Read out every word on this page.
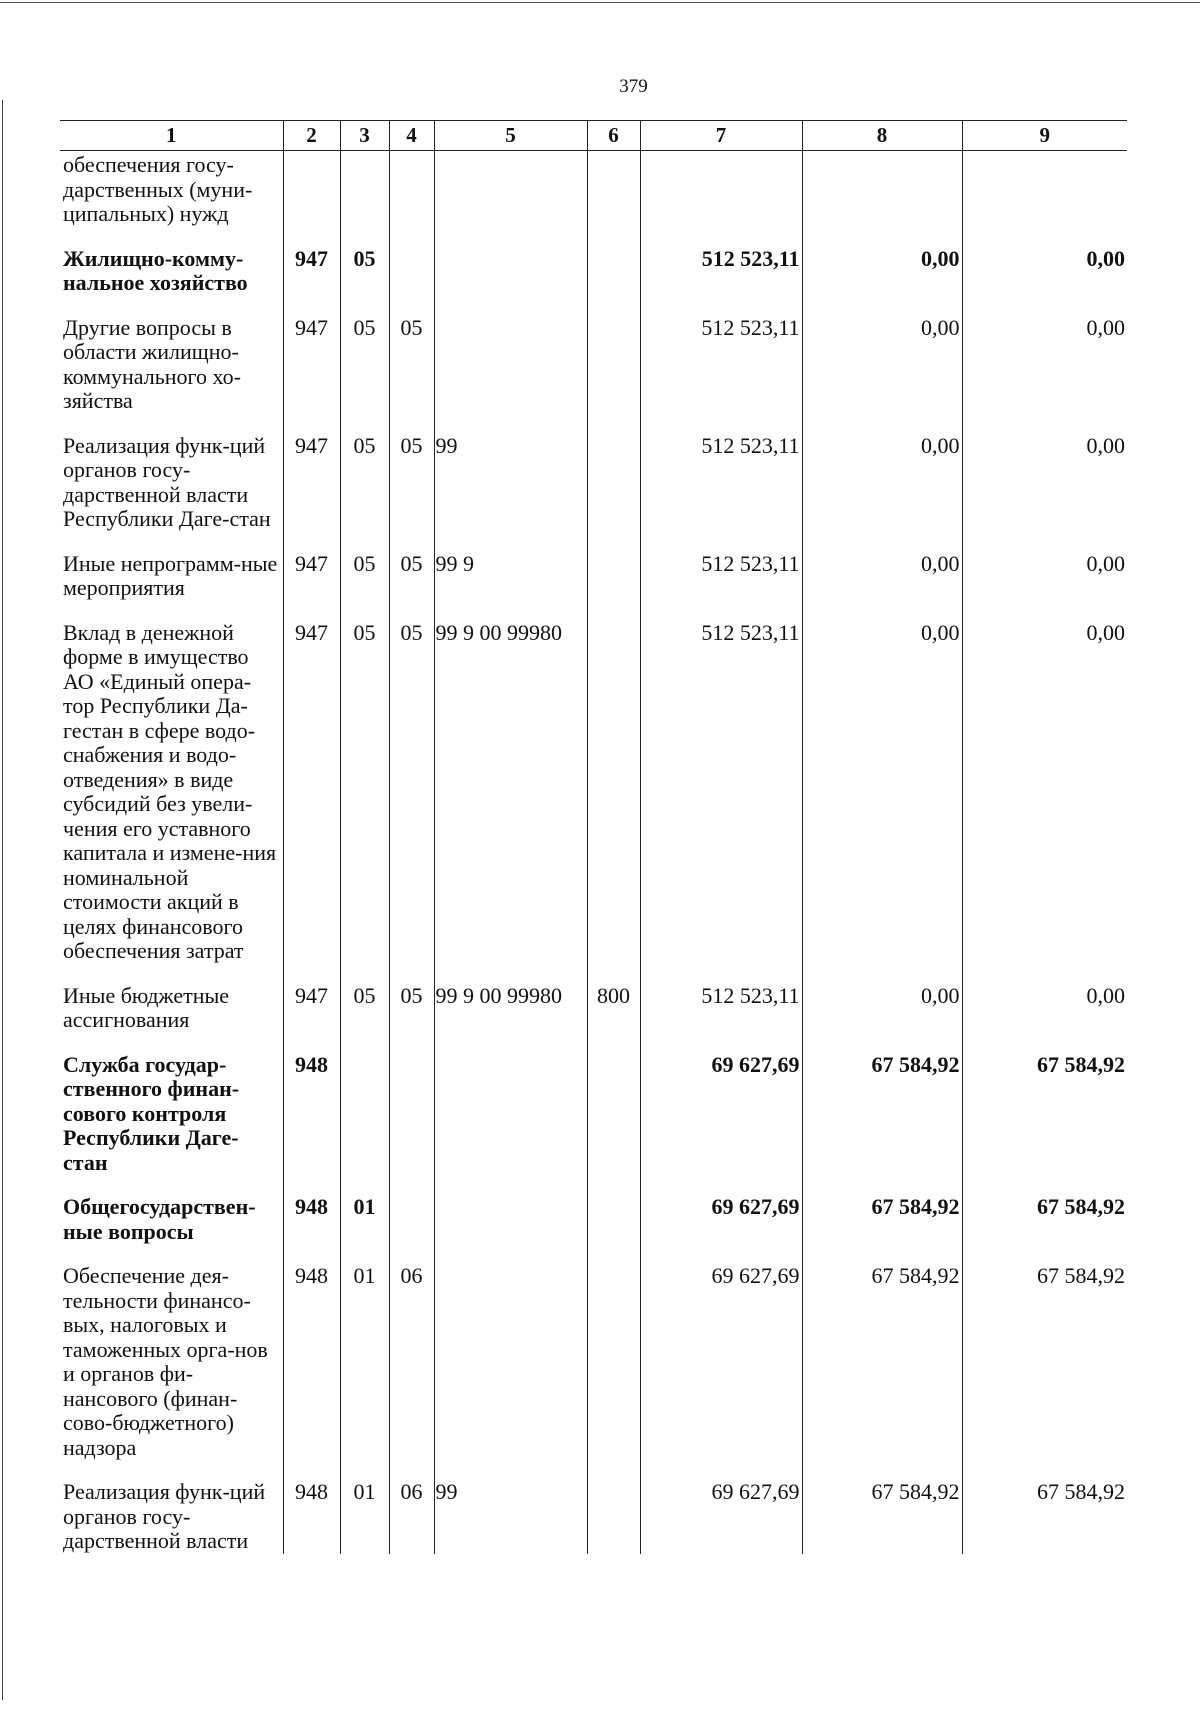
379
1	2	3	4	5	6	7	8	9

обеспечения госу-дарственных (муни-ципальных) нужд								

Жилищно-комму-нальное хозяйство	947	05				512 523,11	0,00	0,00

Другие вопросы в области жилищно-коммунального хо-зяйства	947	05	05			512 523,11	0,00	0,00

Реализация функ-ций органов госу-дарственной власти Республики Даге-стан	947	05	05	99		512 523,11	0,00	0,00

Иные непрограмм-ные мероприятия	947	05	05	99 9		512 523,11	0,00	0,00

Вклад в денежной форме в имущество АО «Единый опера-тор Республики Да-гестан в сфере водо-снабжения и водо-отведения» в виде субсидий без увели-чения его уставного капитала и измене-ния номинальной стоимости акций в целях финансового обеспечения затрат	947	05	05	99 9 00 99980		512 523,11	0,00	0,00

Иные бюджетные ассигнования	947	05	05	99 9 00 99980	800	512 523,11	0,00	0,00

Служба государ-ственного финан-сового контроля Республики Даге-стан	948					69 627,69	67 584,92	67 584,92

Общегосударствен-ные вопросы	948	01				69 627,69	67 584,92	67 584,92

Обеспечение дея-тельности финансо-вых, налоговых и таможенных орга-нов и органов фи-нансового (финан-сово-бюджетного) надзора	948	01	06			69 627,69	67 584,92	67 584,92

Реализация функ-ций органов госу-дарственной власти	948	01	06	99		69 627,69	67 584,92	67 584,92
